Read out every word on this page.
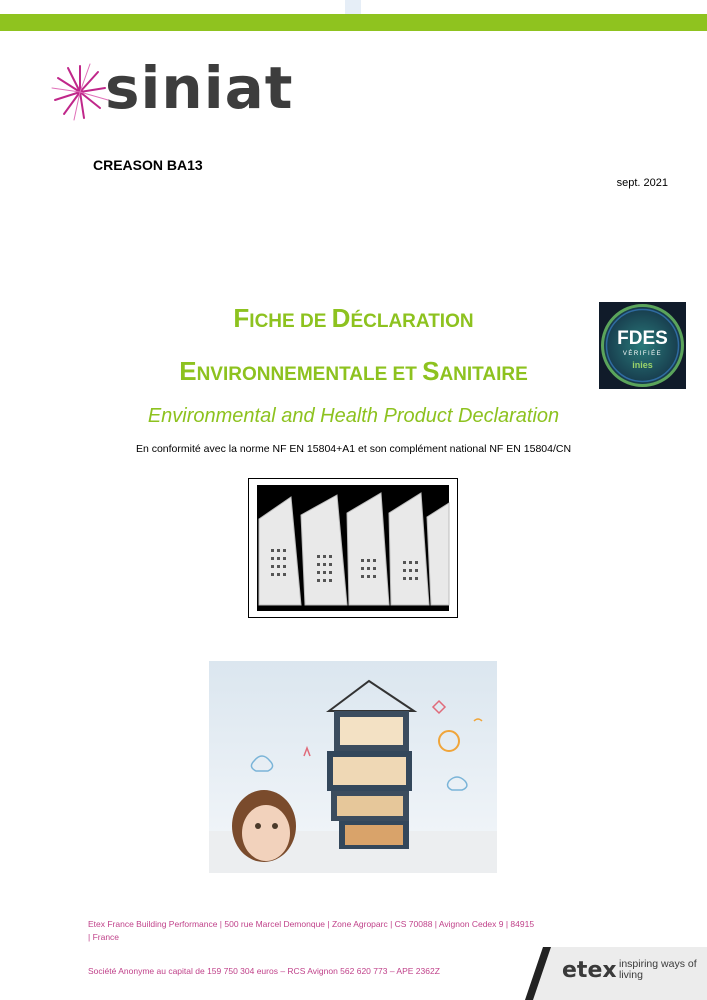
siniat
CREASON BA13
sept. 2021
FICHE DE DÉCLARATION
ENVIRONNEMENTALE ET SANITAIRE
Environmental and Health Product Declaration
En conformité avec la norme NF EN 15804+A1 et son complément national NF EN 15804/CN
FDES
VÉRIFIÉE
inies
Etex France Building Performance | 500 rue Marcel Demonque | Zone Agroparc | CS 70088 | Avignon Cedex 9 | 84915 | France
Société Anonyme au capital de 159 750 304 euros – RCS Avignon 562 620 773 – APE 2362Z	etex inspiring ways of living
